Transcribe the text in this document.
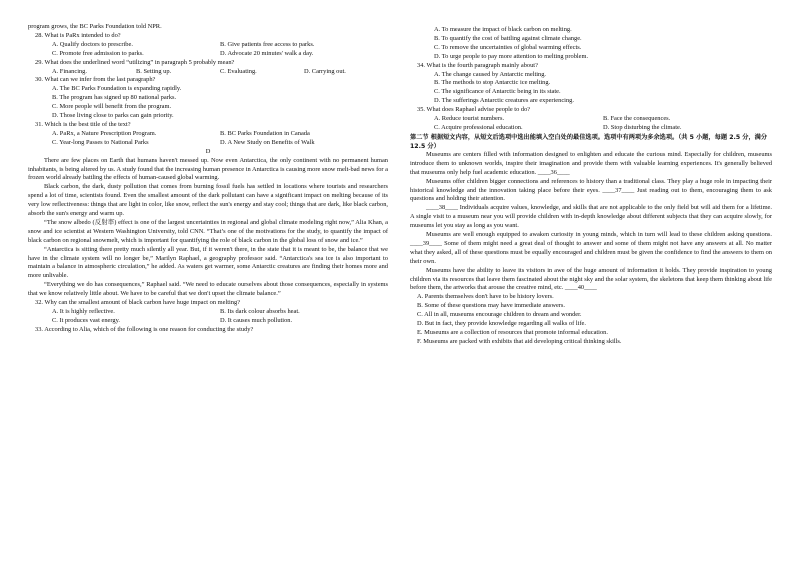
program grows, the BC Parks Foundation told NPR.
28. What is PaRx intended to do?
A. Qualify doctors to prescribe.	B. Give patients free access to parks.
C. Promote free admission to parks.	D. Advocate 20 minutes' walk a day.
29. What does the underlined word “utilizing” in paragraph 5 probably mean?
A. Financing.	B. Setting up.	C. Evaluating.	D. Carrying out.
30. What can we infer from the last paragraph?
A. The BC Parks Foundation is expanding rapidly.
B. The program has signed up 80 national parks.
C. More people will benefit from the program.
D. Those living close to parks can gain priority.
31. Which is the best title of the text?
A. PaRx, a Nature Prescription Program.	B. BC Parks Foundation in Canada
C. Year-long Passes to National Parks	D. A New Study on Benefits of Walk
D
There are few places on Earth that humans haven't messed up. Now even Antarctica, the only continent with no permanent human inhabitants, is being altered by us. A study found that the increasing human presence in Antarctica is causing more snow melt-bad news for a frozen world already battling the effects of human-caused global warming.
Black carbon, the dark, dusty pollution that comes from burning fossil fuels has settled in locations where tourists and researchers spend a lot of time, scientists found. Even the smallest amount of the dark pollutant can have a significant impact on melting because of its very low reflectiveness: things that are light in color, like snow, reflect the sun's energy and stay cool; things that are dark, like black carbon, absorb the sun's energy and warm up.
“The snow albedo (反射率) effect is one of the largest uncertainties in regional and global climate modeling right now,” Alia Khan, a snow and ice scientist at Western Washington University, told CNN. “That’s one of the motivations for the study, to quantify the impact of black carbon on regional snowmelt, which is important for quantifying the role of black carbon in the global loss of snow and ice.”
“Antarctica is sitting there pretty much silently all year. But, if it weren't there, in the state that it is meant to be, the balance that we have in the climate system will no longer be,” Marilyn Raphael, a geography professor said. “Antarctica's sea ice is also important to maintain a balance in atmospheric circulation,” he added. As waters get warmer, some Antarctic creatures are finding their homes more and more unlivable.
“Everything we do has consequences,” Raphael said. “We need to educate ourselves about those consequences, especially in systems that we know relatively little about. We have to be careful that we don't upset the climate balance.”
32. Why can the smallest amount of black carbon have huge impact on melting?
A. It is highly reflective.	B. Its dark colour absorbs heat.
C. It produces vast energy.	D. It causes much pollution.
33. According to Alia, which of the following is one reason for conducting the study?
A. To measure the impact of black carbon on melting.
B. To quantify the cost of battling against climate change.
C. To remove the uncertainties of global warming effects.
D. To urge people to pay more attention to melting problem.
34. What is the fourth paragraph mainly about?
A. The change caused by Antarctic melting.
B. The methods to stop Antarctic ice melting.
C. The significance of Antarctic being in its state.
D. The sufferings Antarctic creatures are experiencing.
35. What does Raphael advise people to do?
A. Reduce tourist numbers.	B. Face the consequences.
C. Acquire professional education.	D. Stop disturbing the climate.
第二节 根据短文内容，从短文后选项中选出能填入空白处的最佳选项。选项中有两项为多余选项。（共 5 小题，每题 2.5 分，满分 12.5 分）
Museums are centers filled with information designed to enlighten and educate the curious mind. Especially for children, museums introduce them to unknown worlds, inspire their imagination and provide them with valuable learning experiences. It's generally believed that museums only help fuel academic education. ____36____
Museums offer children bigger connections and references to history than a traditional class. They play a huge role in impacting their historical knowledge and the innovation taking place before their eyes. ____37____ Just reading out to them, encouraging them to ask questions and holding their attention.
____38____ Individuals acquire values, knowledge, and skills that are not applicable to the only field but will aid them for a lifetime. A single visit to a museum near you will provide children with in-depth knowledge about different subjects that they can acquire slowly, for museums let you stay as long as you want.
Museums are well enough equipped to awaken curiosity in young minds, which in turn will lead to these children asking questions. ____39____ Some of them might need a great deal of thought to answer and some of them might not have any answers at all. No matter what they asked, all of these questions must be equally encouraged and children must be given the confidence to find the answers to them on their own.
Museums have the ability to leave its visitors in awe of the huge amount of information it holds. They provide inspiration to young children via its resources that leave them fascinated about the night sky and the solar system, the skeletons that keep them thinking about life before them, the artworks that arouse the creative mind, etc. ____40____
A. Parents themselves don't have to be history lovers.
B. Some of these questions may have immediate answers.
C. All in all, museums encourage children to dream and wonder.
D. But in fact, they provide knowledge regarding all walks of life.
E. Museums are a collection of resources that promote informal education.
F. Museums are packed with exhibits that aid developing critical thinking skills.
